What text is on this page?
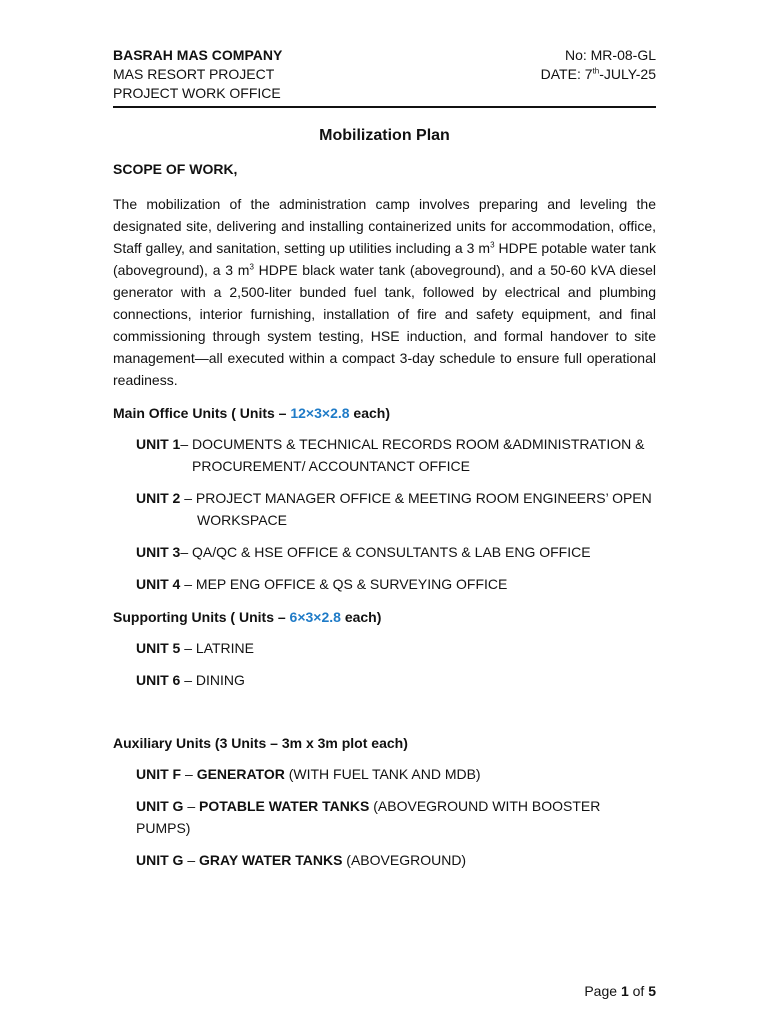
BASRAH MAS COMPANY
MAS RESORT PROJECT
PROJECT WORK OFFICE
No: MR-08-GL
DATE: 7th-JULY-25
Mobilization Plan
SCOPE OF WORK,
The mobilization of the administration camp involves preparing and leveling the designated site, delivering and installing containerized units for accommodation, office, Staff galley, and sanitation, setting up utilities including a 3 $m^3$ HDPE potable water tank (aboveground), a 3 $m^3$ HDPE black water tank (aboveground), and a 50-60 kVA diesel generator with a 2,500-liter bunded fuel tank, followed by electrical and plumbing connections, interior furnishing, installation of fire and safety equipment, and final commissioning through system testing, HSE induction, and formal handover to site management—all executed within a compact 3-day schedule to ensure full operational readiness.
Main Office Units ( Units – 12×3×2.8 each)
UNIT 1– DOCUMENTS & TECHNICAL RECORDS ROOM &ADMINISTRATION &
PROCUREMENT/ ACCOUNTANCT OFFICE
UNIT 2 – PROJECT MANAGER OFFICE & MEETING ROOM ENGINEERS’ OPEN
WORKSPACE
UNIT 3– QA/QC & HSE OFFICE & CONSULTANTS & LAB ENG OFFICE
UNIT 4 – MEP ENG OFFICE & QS & SURVEYING OFFICE
Supporting Units ( Units – 6×3×2.8 each)
UNIT 5 – LATRINE
UNIT 6 – DINING
Auxiliary Units (3 Units – 3m x 3m plot each)
UNIT F – GENERATOR (WITH FUEL TANK AND MDB)
UNIT G – POTABLE WATER TANKS (ABOVEGROUND WITH BOOSTER PUMPS)
UNIT G – GRAY WATER TANKS (ABOVEGROUND)
Page 1 of 5
